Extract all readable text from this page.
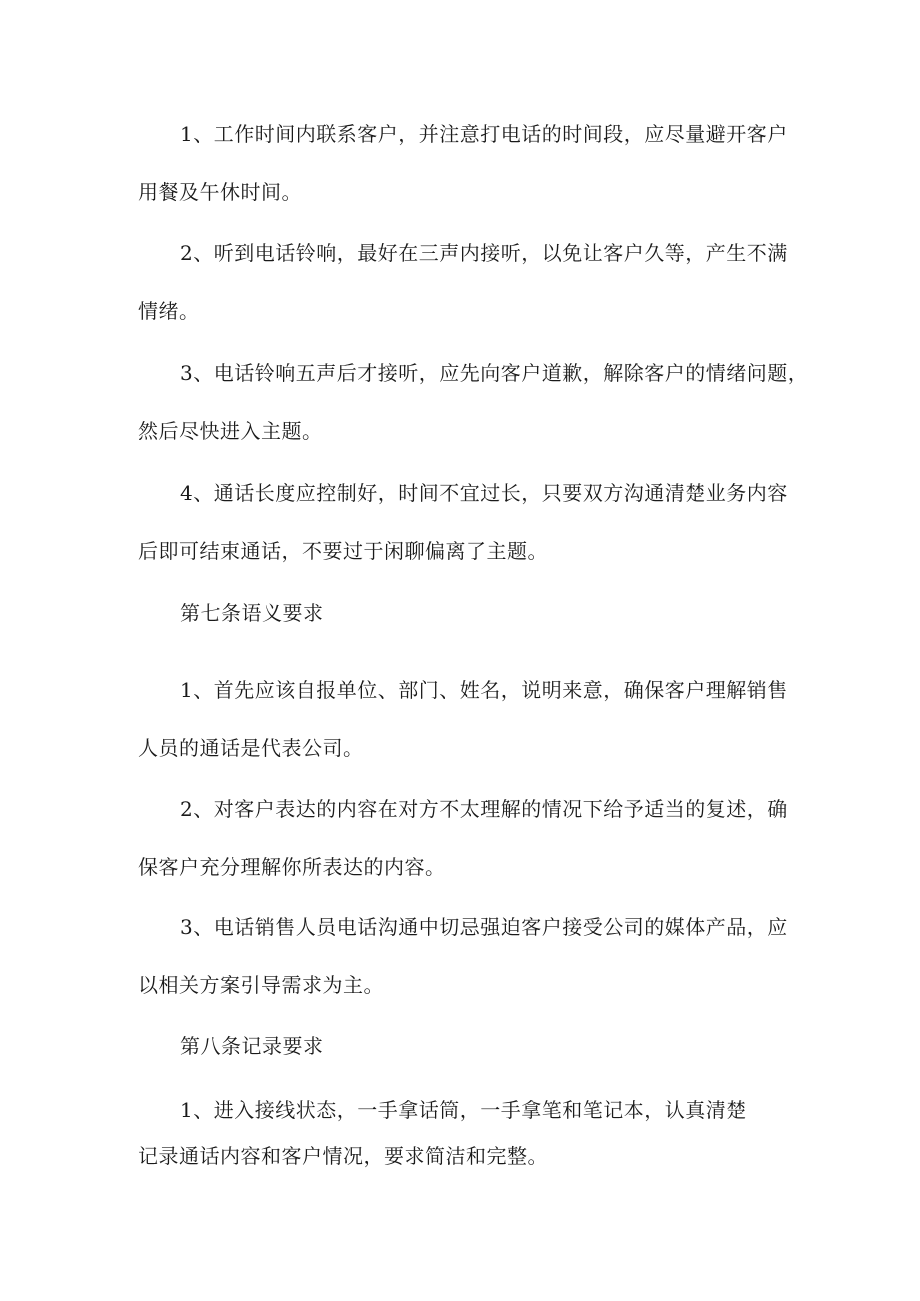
1、工作时间内联系客户，并注意打电话的时间段，应尽量避开客户
用餐及午休时间。

2、听到电话铃响，最好在三声内接听，以免让客户久等，产生不满
情绪。

3、电话铃响五声后才接听，应先向客户道歉，解除客户的情绪问题，
然后尽快进入主题。

4、通话长度应控制好，时间不宜过长，只要双方沟通清楚业务内容
后即可结束通话，不要过于闲聊偏离了主题。

第七条语义要求

1、首先应该自报单位、部门、姓名，说明来意，确保客户理解销售
人员的通话是代表公司。

2、对客户表达的内容在对方不太理解的情况下给予适当的复述，确
保客户充分理解你所表达的内容。

3、电话销售人员电话沟通中切忌强迫客户接受公司的媒体产品，应
以相关方案引导需求为主。

第八条记录要求

1、进入接线状态，一手拿话筒，一手拿笔和笔记本，认真清楚
记录通话内容和客户情况，要求简洁和完整。
